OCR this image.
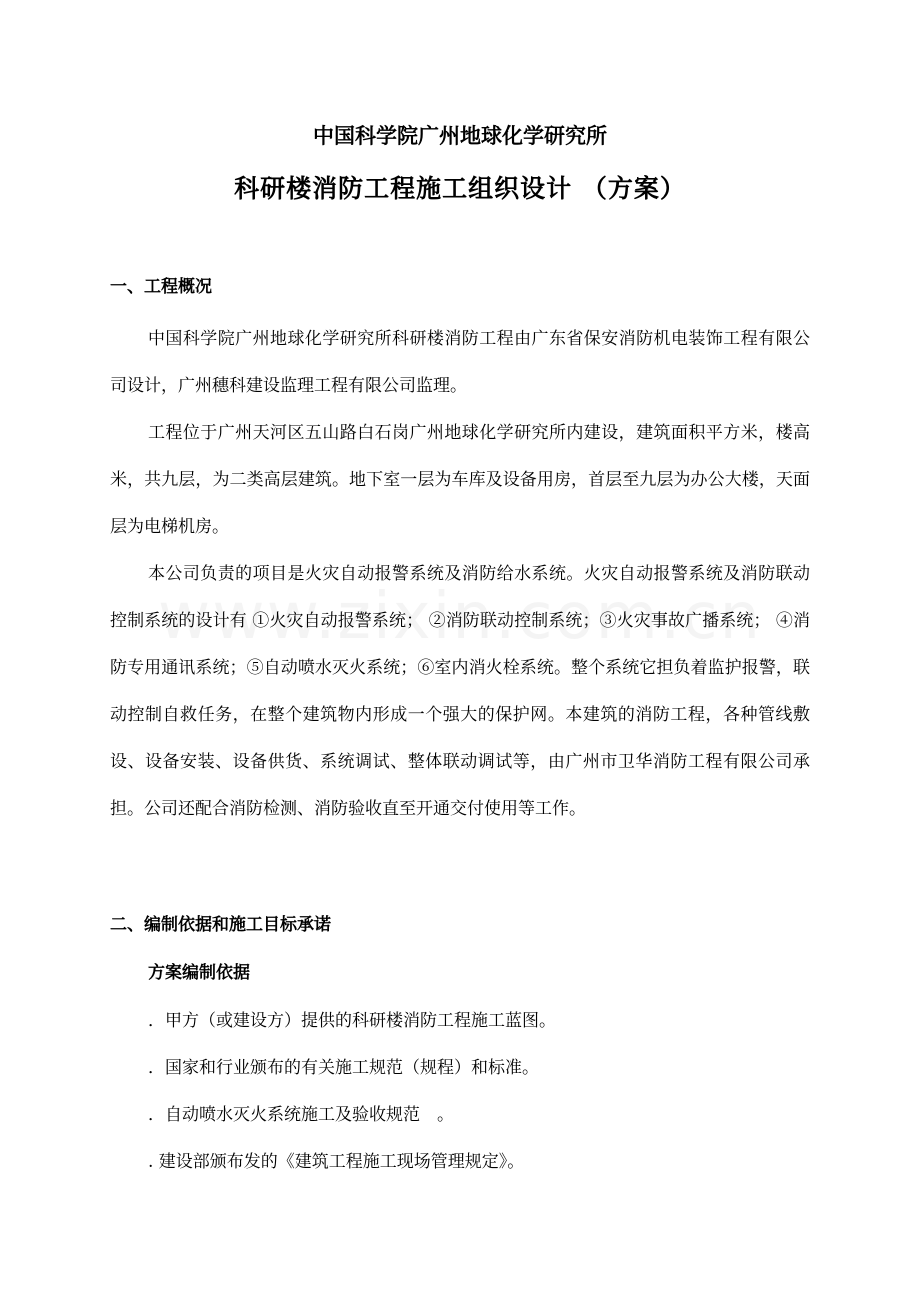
中国科学院广州地球化学研究所
科研楼消防工程施工组织设计 （方案）
一、工程概况

中国科学院广州地球化学研究所科研楼消防工程由广东省保安消防机电装饰工程有限公司设计，广州穗科建设监理工程有限公司监理。

工程位于广州天河区五山路白石岗广州地球化学研究所内建设，建筑面积平方米，楼高米，共九层，为二类高层建筑。地下室一层为车库及设备用房，首层至九层为办公大楼，天面层为电梯机房。

本公司负责的项目是火灾自动报警系统及消防给水系统。火灾自动报警系统及消防联动控制系统的设计有 ①火灾自动报警系统； ②消防联动控制系统；③火灾事故广播系统； ④消防专用通讯系统；⑤自动喷水灭火系统；⑥室内消火栓系统。整个系统它担负着监护报警，联动控制自救任务，在整个建筑物内形成一个强大的保护网。本建筑的消防工程，各种管线敷设、设备安装、设备供货、系统调试、整体联动调试等，由广州市卫华消防工程有限公司承担。公司还配合消防检测、消防验收直至开通交付使用等工作。

二、编制依据和施工目标承诺
方案编制依据
．甲方（或建设方）提供的科研楼消防工程施工蓝图。
．国家和行业颁布的有关施工规范（规程）和标准。
．自动喷水灭火系统施工及验收规范　。
. 建设部颁布发的《建筑工程施工现场管理规定》。
